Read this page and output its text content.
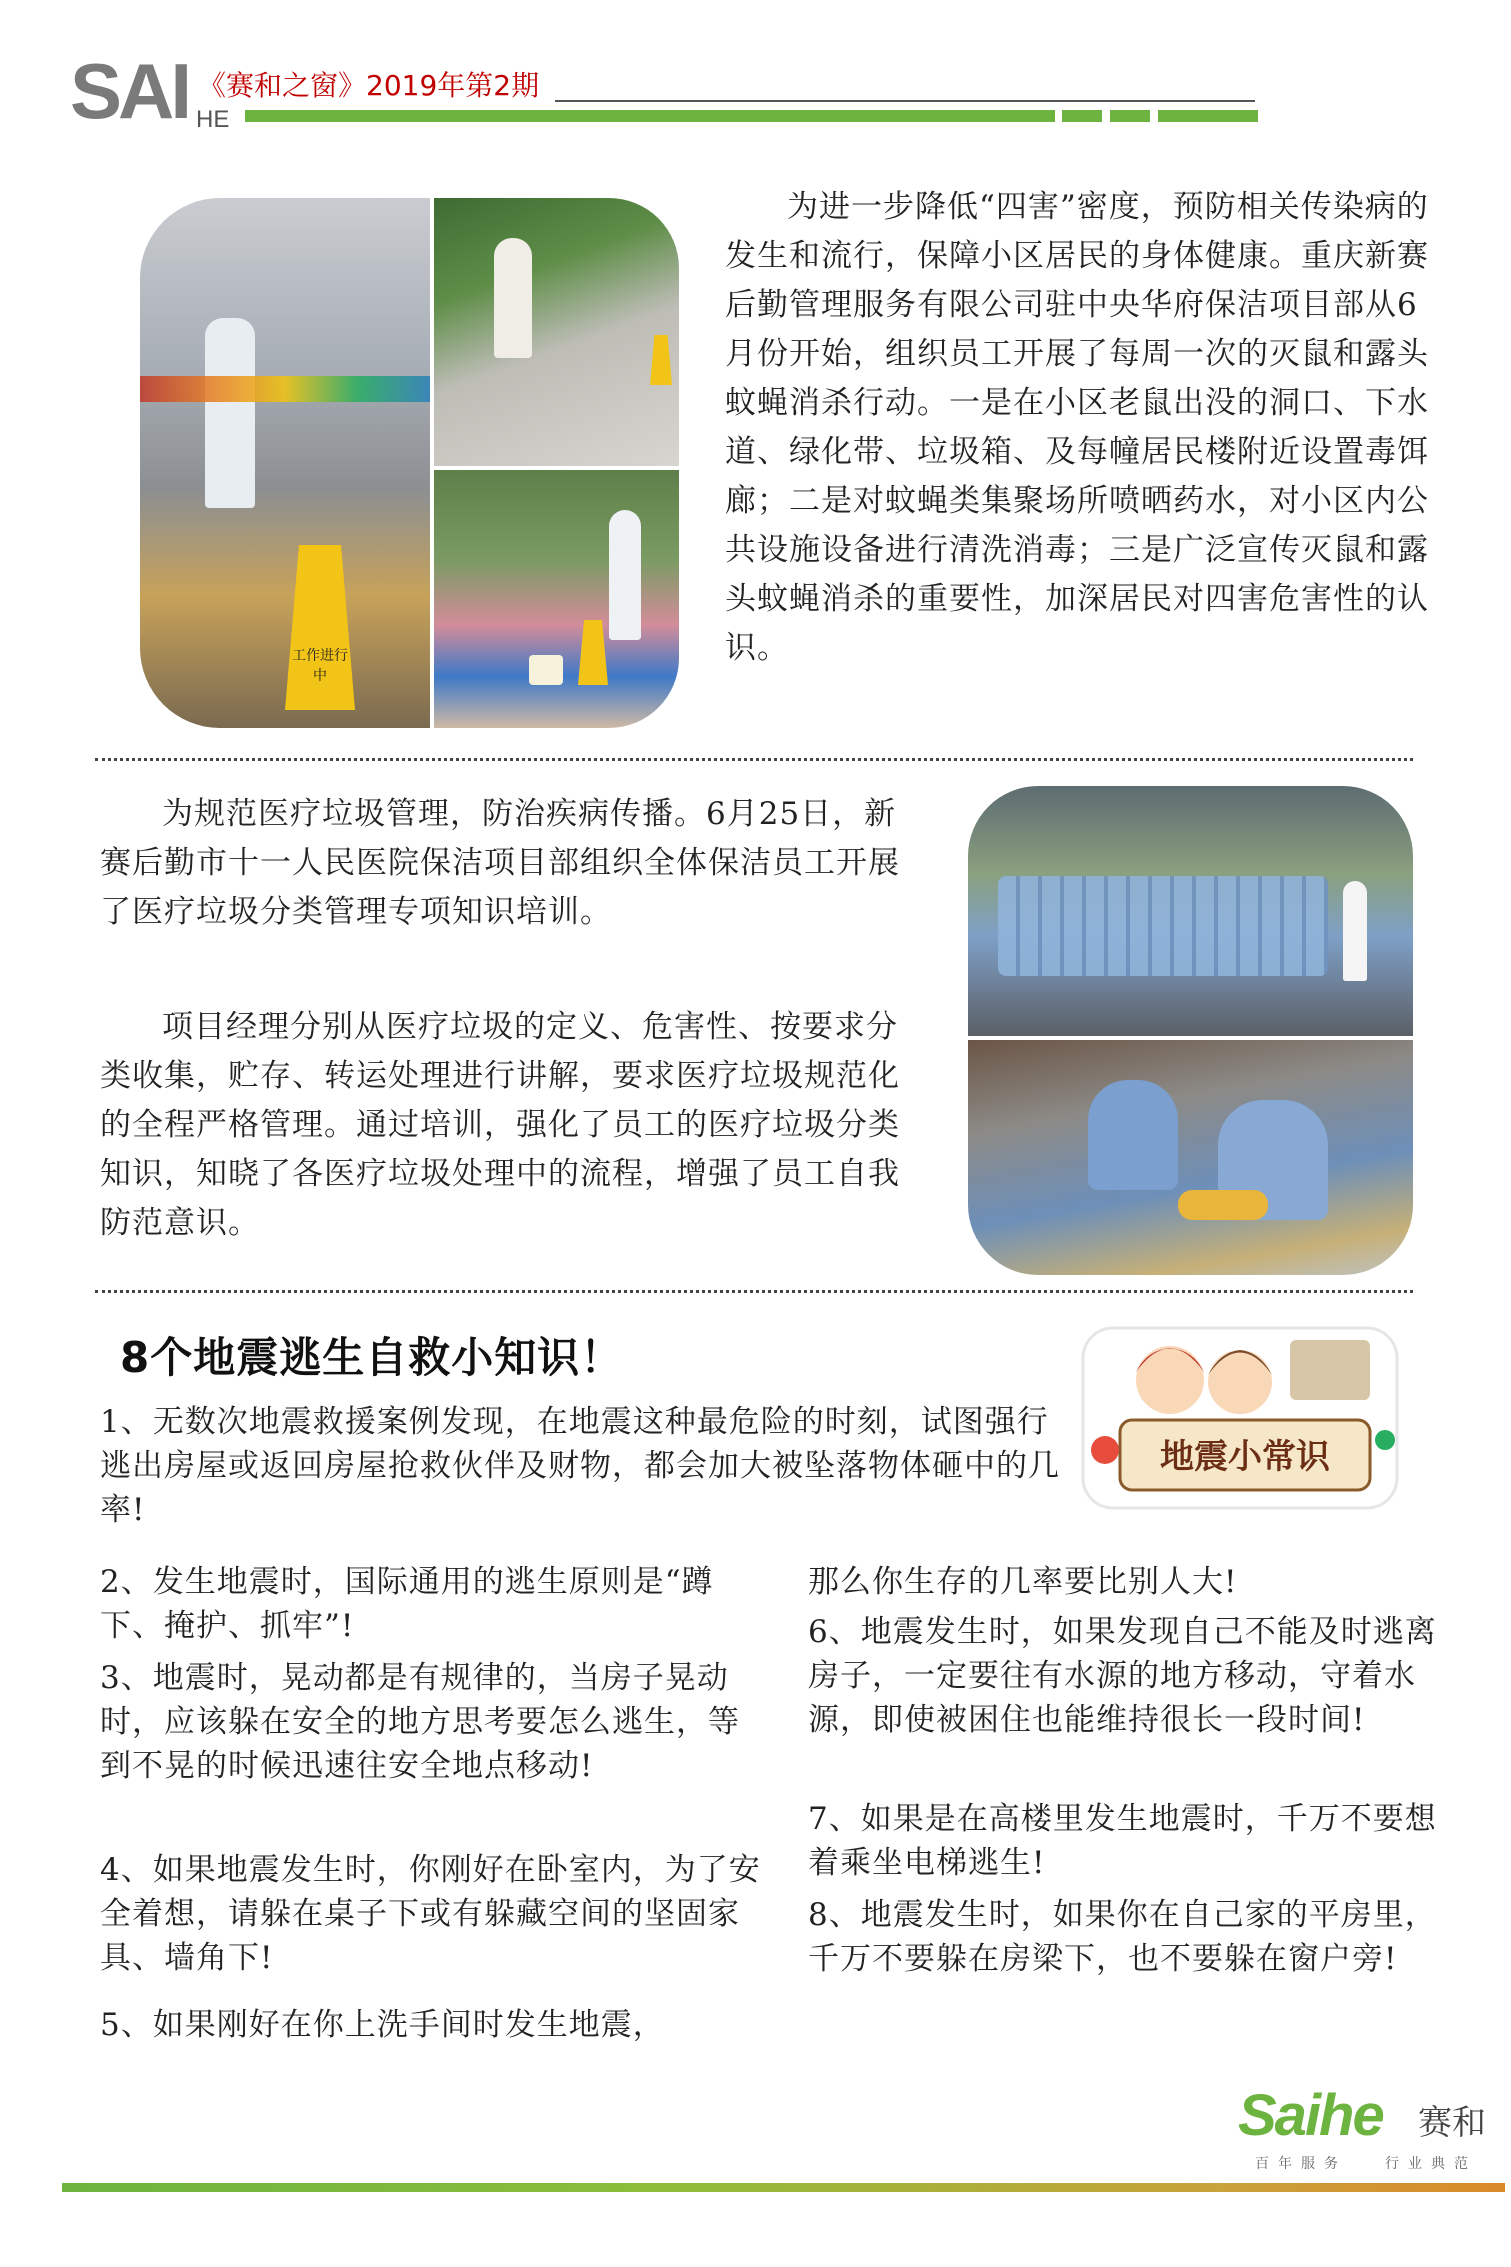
SAI HE
《赛和之窗》2019年第2期
工作进行中
为进一步降低“四害”密度，预防相关传染病的发生和流行，保障小区居民的身体健康。重庆新赛后勤管理服务有限公司驻中央华府保洁项目部从6月份开始，组织员工开展了每周一次的灭鼠和露头蚊蝇消杀行动。一是在小区老鼠出没的洞口、下水道、绿化带、垃圾箱、及每幢居民楼附近设置毒饵廊；二是对蚊蝇类集聚场所喷晒药水，对小区内公共设施设备进行清洗消毒；三是广泛宣传灭鼠和露头蚊蝇消杀的重要性，加深居民对四害危害性的认识。
为规范医疗垃圾管理，防治疾病传播。6月25日，新赛后勤市十一人民医院保洁项目部组织全体保洁员工开展了医疗垃圾分类管理专项知识培训。
项目经理分别从医疗垃圾的定义、危害性、按要求分类收集，贮存、转运处理进行讲解，要求医疗垃圾规范化的全程严格管理。通过培训，强化了员工的医疗垃圾分类知识，知晓了各医疗垃圾处理中的流程，增强了员工自我防范意识。
8个地震逃生自救小知识！
地震小常识
1、无数次地震救援案例发现，在地震这种最危险的时刻，试图强行逃出房屋或返回房屋抢救伙伴及财物，都会加大被坠落物体砸中的几率!
2、发生地震时，国际通用的逃生原则是“蹲下、掩护、抓牢”!
3、地震时，晃动都是有规律的，当房子晃动时，应该躲在安全的地方思考要怎么逃生，等到不晃的时候迅速往安全地点移动!
4、如果地震发生时，你刚好在卧室内，为了安全着想，请躲在桌子下或有躲藏空间的坚固家具、墙角下!
5、如果刚好在你上洗手间时发生地震，
那么你生存的几率要比别人大!
6、地震发生时，如果发现自己不能及时逃离房子，一定要往有水源的地方移动，守着水源，即使被困住也能维持很长一段时间!
7、如果是在高楼里发生地震时，千万不要想着乘坐电梯逃生!
8、地震发生时，如果你在自己家的平房里，千万不要躲在房梁下，也不要躲在窗户旁!
Saihe 赛和
百年服务	行业典范
